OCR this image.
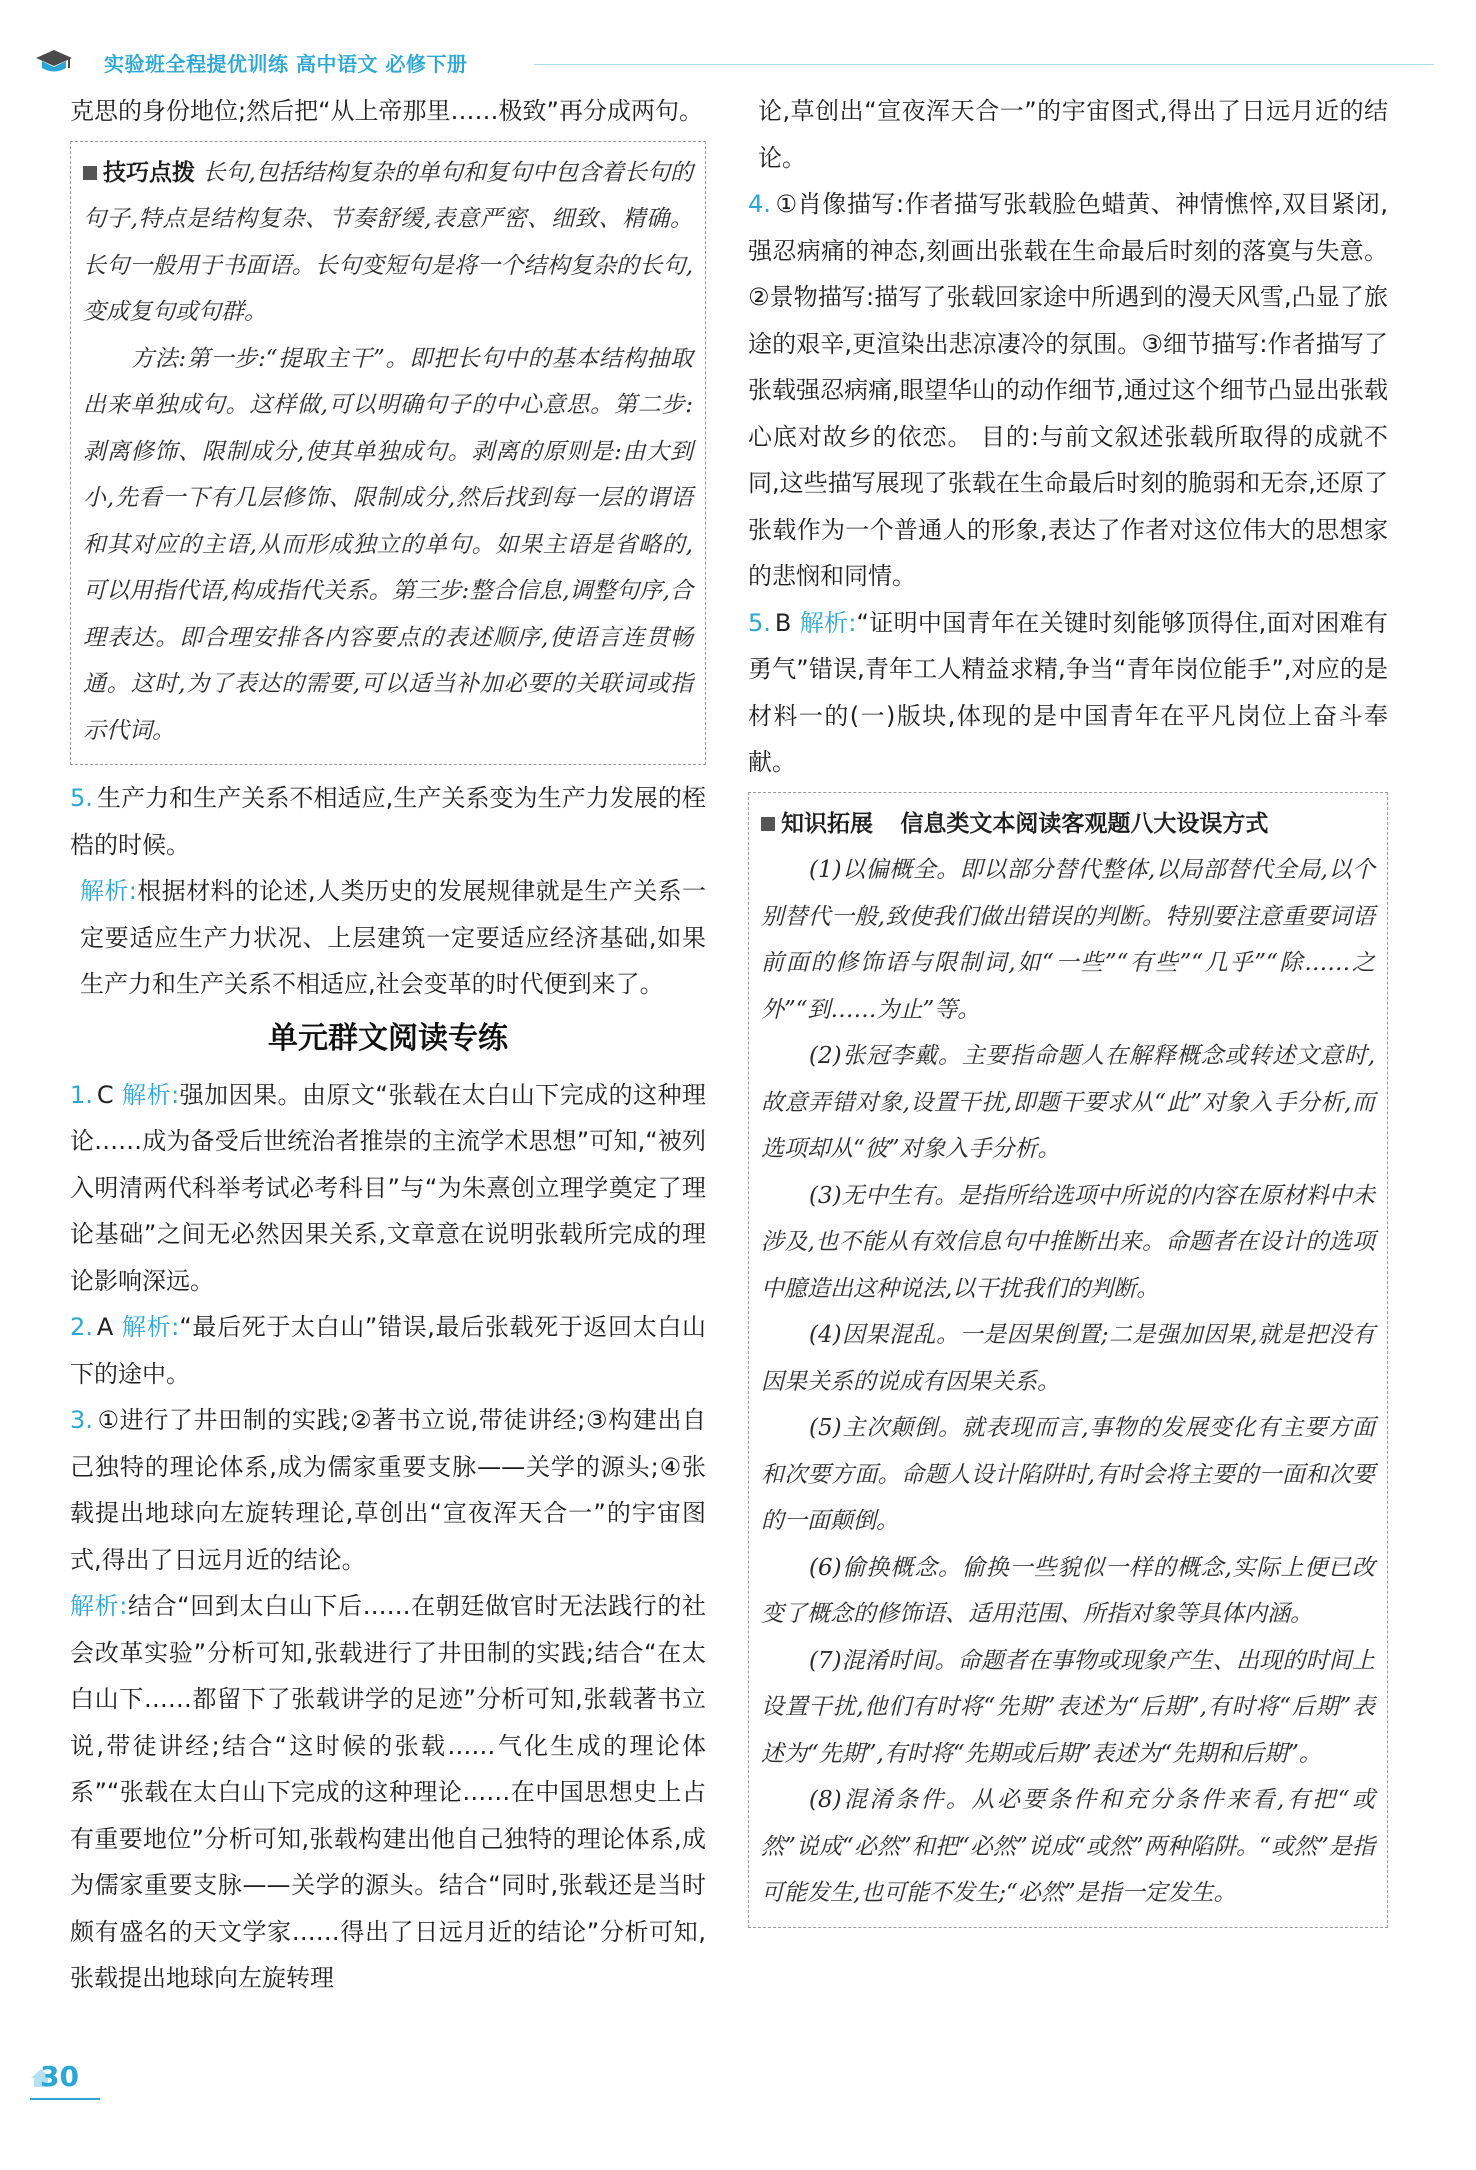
实验班全程提优训练 高中语文 必修下册

克思的身份地位;然后把“从上帝那里……极致”再分成两句。

技巧点拨 长句,包括结构复杂的单句和复句中包含着长句的句子,特点是结构复杂、节奏舒缓,表意严密、细致、精确。长句一般用于书面语。长句变短句是将一个结构复杂的长句,变成复句或句群。

方法:第一步:“提取主干”。即把长句中的基本结构抽取出来单独成句。这样做,可以明确句子的中心意思。第二步:剥离修饰、限制成分,使其单独成句。剥离的原则是:由大到小,先看一下有几层修饰、限制成分,然后找到每一层的谓语和其对应的主语,从而形成独立的单句。如果主语是省略的,可以用指代语,构成指代关系。第三步:整合信息,调整句序,合理表达。即合理安排各内容要点的表述顺序,使语言连贯畅通。这时,为了表达的需要,可以适当补加必要的关联词或指示代词。

5. 生产力和生产关系不相适应,生产关系变为生产力发展的桎梏的时候。

解析:根据材料的论述,人类历史的发展规律就是生产关系一定要适应生产力状况、上层建筑一定要适应经济基础,如果生产力和生产关系不相适应,社会变革的时代便到来了。

单元群文阅读专练

1. C 解析:强加因果。由原文“张载在太白山下完成的这种理论……成为备受后世统治者推崇的主流学术思想”可知,“被列入明清两代科举考试必考科目”与“为朱熹创立理学奠定了理论基础”之间无必然因果关系,文章意在说明张载所完成的理论影响深远。

2. A 解析:“最后死于太白山”错误,最后张载死于返回太白山下的途中。

3. ①进行了井田制的实践;②著书立说,带徒讲经;③构建出自己独特的理论体系,成为儒家重要支脉——关学的源头;④张载提出地球向左旋转理论,草创出“宣夜浑天合一”的宇宙图式,得出了日远月近的结论。

解析:结合“回到太白山下后……在朝廷做官时无法践行的社会改革实验”分析可知,张载进行了井田制的实践;结合“在太白山下……都留下了张载讲学的足迹”分析可知,张载著书立说,带徒讲经;结合“这时候的张载……气化生成的理论体系”“张载在太白山下完成的这种理论……在中国思想史上占有重要地位”分析可知,张载构建出他自己独特的理论体系,成为儒家重要支脉——关学的源头。结合“同时,张载还是当时颇有盛名的天文学家……得出了日远月近的结论”分析可知,张载提出地球向左旋转理

论,草创出“宣夜浑天合一”的宇宙图式,得出了日远月近的结论。

4. ①肖像描写:作者描写张载脸色蜡黄、神情憔悴,双目紧闭,强忍病痛的神态,刻画出张载在生命最后时刻的落寞与失意。②景物描写:描写了张载回家途中所遇到的漫天风雪,凸显了旅途的艰辛,更渲染出悲凉凄冷的氛围。③细节描写:作者描写了张载强忍病痛,眼望华山的动作细节,通过这个细节凸显出张载心底对故乡的依恋。 目的:与前文叙述张载所取得的成就不同,这些描写展现了张载在生命最后时刻的脆弱和无奈,还原了张载作为一个普通人的形象,表达了作者对这位伟大的思想家的悲悯和同情。

5. B 解析:“证明中国青年在关键时刻能够顶得住,面对困难有勇气”错误,青年工人精益求精,争当“青年岗位能手”,对应的是材料一的(一)版块,体现的是中国青年在平凡岗位上奋斗奉献。

知识拓展 信息类文本阅读客观题八大设误方式

(1)以偏概全。即以部分替代整体,以局部替代全局,以个别替代一般,致使我们做出错误的判断。特别要注意重要词语前面的修饰语与限制词,如“一些”“有些”“几乎”“除……之外”“到……为止”等。

(2)张冠李戴。主要指命题人在解释概念或转述文意时,故意弄错对象,设置干扰,即题干要求从“此”对象入手分析,而选项却从“彼”对象入手分析。

(3)无中生有。是指所给选项中所说的内容在原材料中未涉及,也不能从有效信息句中推断出来。命题者在设计的选项中臆造出这种说法,以干扰我们的判断。

(4)因果混乱。一是因果倒置;二是强加因果,就是把没有因果关系的说成有因果关系。

(5)主次颠倒。就表现而言,事物的发展变化有主要方面和次要方面。命题人设计陷阱时,有时会将主要的一面和次要的一面颠倒。

(6)偷换概念。偷换一些貌似一样的概念,实际上便已改变了概念的修饰语、适用范围、所指对象等具体内涵。

(7)混淆时间。命题者在事物或现象产生、出现的时间上设置干扰,他们有时将“先期”表述为“后期”,有时将“后期”表述为“先期”,有时将“先期或后期”表述为“先期和后期”。

(8)混淆条件。从必要条件和充分条件来看,有把“或然”说成“必然”和把“必然”说成“或然”两种陷阱。“或然”是指可能发生,也可能不发生;“必然”是指一定发生。

30
